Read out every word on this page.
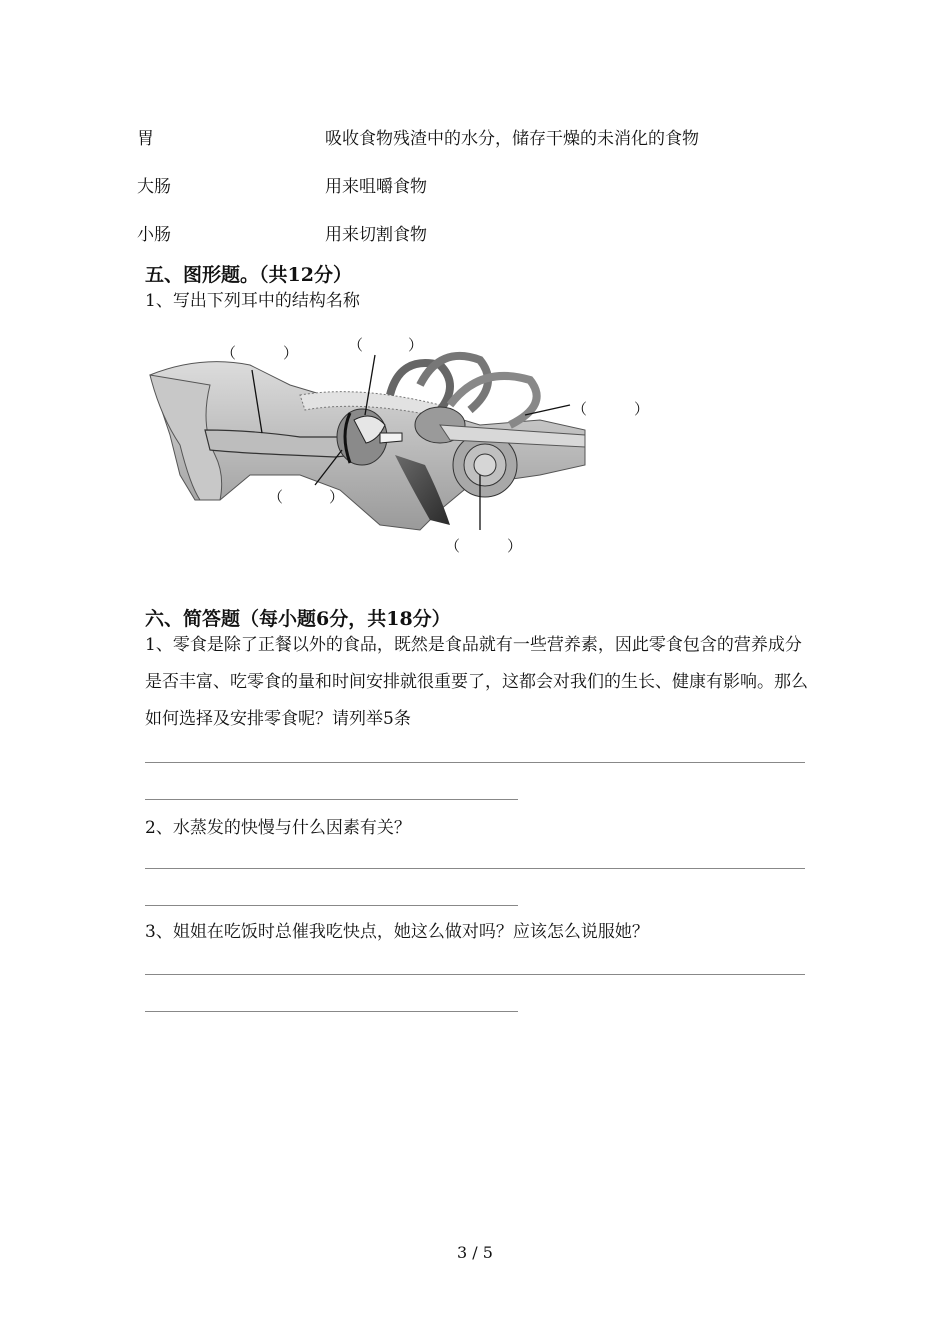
胃	吸收食物残渣中的水分，储存干燥的未消化的食物
大肠	用来咀嚼食物
小肠	用来切割食物
五、图形题。（共12分）
1、写出下列耳中的结构名称
（	）	（	）
（	）
（	）
（	）
六、简答题（每小题6分，共18分）
1、零食是除了正餐以外的食品，既然是食品就有一些营养素，因此零食包含的营养成分是否丰富、吃零食的量和时间安排就很重要了，这都会对我们的生长、健康有影响。那么如何选择及安排零食呢？请列举5条
2、水蒸发的快慢与什么因素有关？
3、姐姐在吃饭时总催我吃快点，她这么做对吗？应该怎么说服她？
3 / 5
